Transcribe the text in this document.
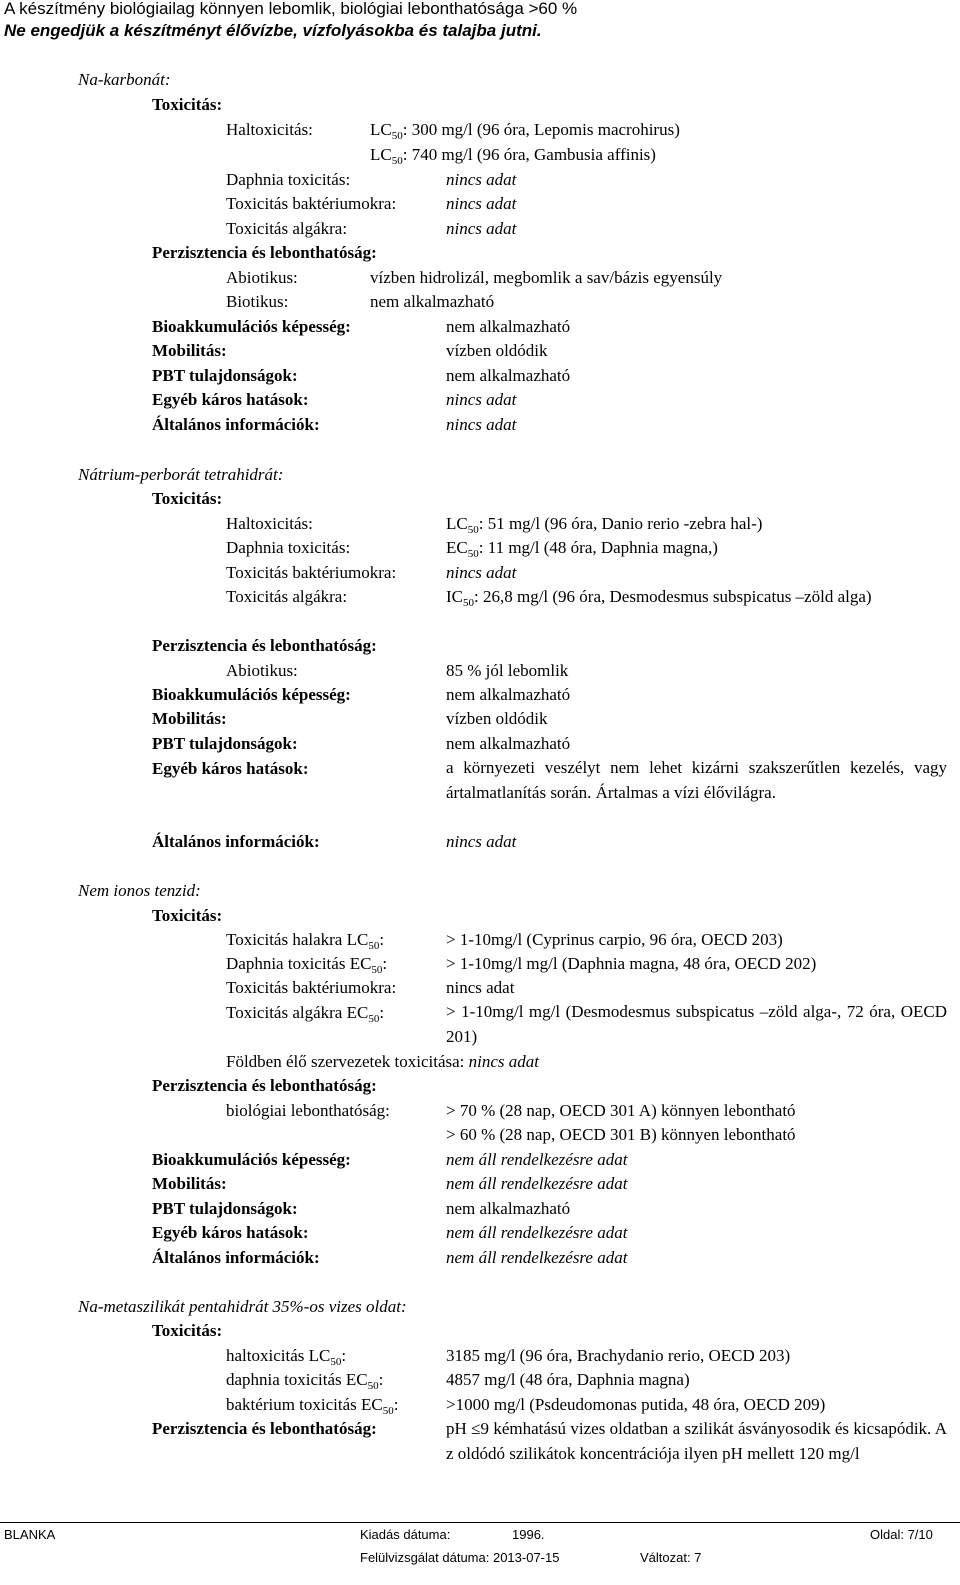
A készítmény biológiailag könnyen lebomlik, biológiai lebonthatósága >60 %
Ne engedjük a készítményt élővízbe, vízfolyásokba és talajba jutni.
Na-karbonát:
Toxicitás:
Haltoxicitás:	$LC_{50}$: 300 mg/l (96 óra, Lepomis macrohirus)
$LC_{50}$: 740 mg/l (96 óra, Gambusia affinis)
Daphnia toxicitás:	nincs adat
Toxicitás baktériumokra:	nincs adat
Toxicitás algákra:	nincs adat
Perzisztencia és lebonthatóság:
Abiotikus:	vízben hidrolizál, megbomlik a sav/bázis egyensúly
Biotikus:	nem alkalmazható
Bioakkumulációs képesség:	nem alkalmazható
Mobilitás:	vízben oldódik
PBT tulajdonságok:	nem alkalmazható
Egyéb káros hatások:	nincs adat
Általános információk:	nincs adat
Nátrium-perborát tetrahidrát:
Toxicitás:
Haltoxicitás:	$LC_{50}$: 51 mg/l (96 óra, Danio rerio -zebra hal-)
Daphnia toxicitás:	$EC_{50}$: 11 mg/l (48 óra, Daphnia magna,)
Toxicitás baktériumokra:	nincs adat
Toxicitás algákra:	$IC_{50}$: 26,8 mg/l (96 óra, Desmodesmus subspicatus –zöld alga)
Perzisztencia és lebonthatóság:
Abiotikus:	85 % jól lebomlik
Bioakkumulációs képesség:	nem alkalmazható
Mobilitás:	vízben oldódik
PBT tulajdonságok:	nem alkalmazható
Egyéb káros hatások:	a környezeti veszélyt nem lehet kizárni szakszerűtlen kezelés, vagy ártalmatlanítás során. Ártalmas a vízi élővilágra.
Általános információk:	nincs adat
Nem ionos tenzid:
Toxicitás:
Toxicitás halakra $LC_{50}$:	> 1-10mg/l (Cyprinus carpio, 96 óra, OECD 203)
Daphnia toxicitás $EC_{50}$:	> 1-10mg/l mg/l (Daphnia magna, 48 óra, OECD 202)
Toxicitás baktériumokra:	nincs adat
Toxicitás algákra $EC_{50}$:	> 1-10mg/l mg/l (Desmodesmus subspicatus –zöld alga-, 72 óra, OECD 201)
Földben élő szervezetek toxicitása: nincs adat
Perzisztencia és lebonthatóság:
biológiai lebonthatóság:	> 70 % (28 nap, OECD 301 A) könnyen lebontható
> 60 % (28 nap, OECD 301 B) könnyen lebontható
Bioakkumulációs képesség:	nem áll rendelkezésre adat
Mobilitás:	nem áll rendelkezésre adat
PBT tulajdonságok:	nem alkalmazható
Egyéb káros hatások:	nem áll rendelkezésre adat
Általános információk:	nem áll rendelkezésre adat
Na-metaszilikát pentahidrát 35%-os vizes oldat:
Toxicitás:
haltoxicitás $LC_{50}$:	3185 mg/l (96 óra, Brachydanio rerio, OECD 203)
daphnia toxicitás $EC_{50}$:	4857 mg/l (48 óra, Daphnia magna)
baktérium toxicitás $EC_{50}$:	>1000 mg/l (Psdeudomonas putida, 48 óra, OECD 209)
Perzisztencia és lebonthatóság:	pH ≤9 kémhatású vizes oldatban a szilikát ásványosodik és kicsapódik. A z oldódó szilikátok koncentrációja ilyen pH mellett 120 mg/l
BLANKA	Kiadás dátuma:	1996.	Oldal: 7/10
Felülvizsgálat dátuma: 2013-07-15	Változat: 7
